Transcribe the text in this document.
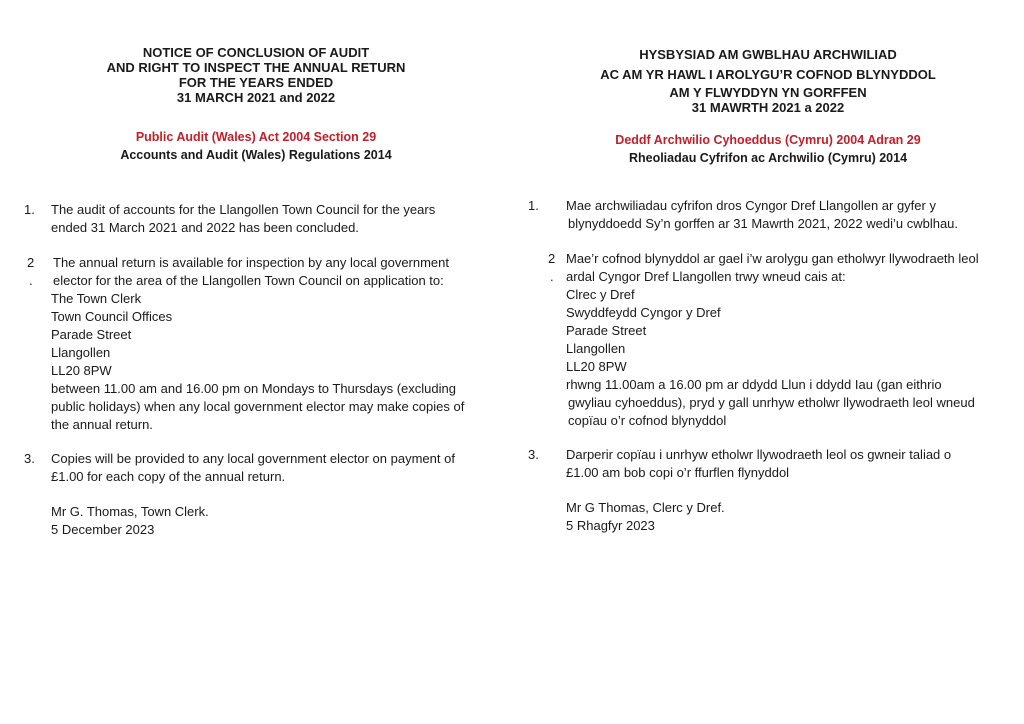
NOTICE OF CONCLUSION OF AUDIT
AND RIGHT TO INSPECT THE ANNUAL RETURN
FOR THE YEARS ENDED
31 MARCH 2021 and 2022
Public Audit (Wales) Act 2004 Section 29
Accounts and Audit (Wales) Regulations 2014
1. The audit of accounts for the Llangollen Town Council for the years
ended 31 March 2021 and 2022 has been concluded.
2
.
The annual return is available for inspection by any local government
elector for the area of the Llangollen Town Council on application to:
The Town Clerk
Town Council Offices
Parade Street
Llangollen
LL20 8PW
between 11.00 am and 16.00 pm on Mondays to Thursdays (excluding
public holidays) when any local government elector may make copies of
the annual return.
3. Copies will be provided to any local government elector on payment of
£1.00 for each copy of the annual return.
Mr G. Thomas, Town Clerk.
5 December 2023
HYSBYSIAD AM GWBLHAU ARCHWILIAD
AC AM YR HAWL I AROLYGU’R COFNOD BLYNYDDOL
AM Y FLWYDDYN YN GORFFEN
31 MAWRTH 2021 a 2022
Deddf Archwilio Cyhoeddus (Cymru) 2004 Adran 29
Rheoliadau Cyfrifon ac Archwilio (Cymru) 2014
1. Mae archwiliadau cyfrifon dros Cyngor Dref Llangollen ar gyfer y
blynyddoedd Sy’n gorffen ar 31 Mawrth 2021, 2022 wedi’u cwblhau.
2
.
Mae’r cofnod blynyddol ar gael i’w arolygu gan etholwyr llywodraeth leol
ardal Cyngor Dref Llangollen trwy wneud cais at:
Clrec y Dref
Swyddfeydd Cyngor y Dref
Parade Street
Llangollen
LL20 8PW
rhwng 11.00am a 16.00 pm ar ddydd Llun i ddydd Iau (gan eithrio
gwyliau cyhoeddus), pryd y gall unrhyw etholwr llywodraeth leol wneud
copïau o’r cofnod blynyddol
3. Darperir copïau i unrhyw etholwr llywodraeth leol os gwneir taliad o
£1.00 am bob copi o’r ffurflen flynyddol
Mr G Thomas, Clerc y Dref.
5 Rhagfyr 2023
